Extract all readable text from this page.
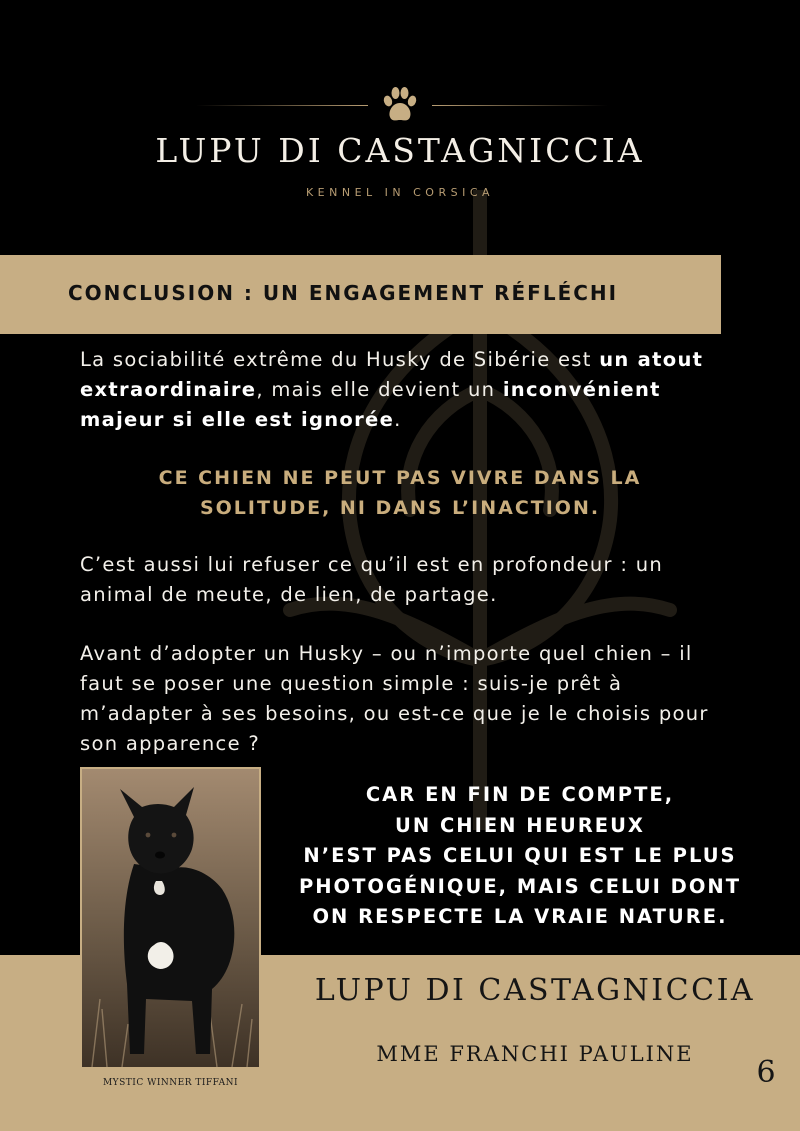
LUPU DI CASTAGNICCIA
KENNEL IN CORSICA
CONCLUSION : UN ENGAGEMENT RÉFLÉCHI
La sociabilité extrême du Husky de Sibérie est un atout extraordinaire, mais elle devient un inconvénient majeur si elle est ignorée.
CE CHIEN NE PEUT PAS VIVRE DANS LA
SOLITUDE, NI DANS L’INACTION.
C’est aussi lui refuser ce qu’il est en profondeur : un animal de meute, de lien, de partage.
Avant d’adopter un Husky – ou n’importe quel chien – il faut se poser une question simple : suis-je prêt à m’adapter à ses besoins, ou est-ce que je le choisis pour son apparence ?
MYSTIC WINNER TIFFANI
CAR EN FIN DE COMPTE,
UN CHIEN HEUREUX
N’EST PAS CELUI QUI EST LE PLUS
PHOTOGÉNIQUE, MAIS CELUI DONT
ON RESPECTE LA VRAIE NATURE.
LUPU DI CASTAGNICCIA
MME FRANCHI PAULINE
6
